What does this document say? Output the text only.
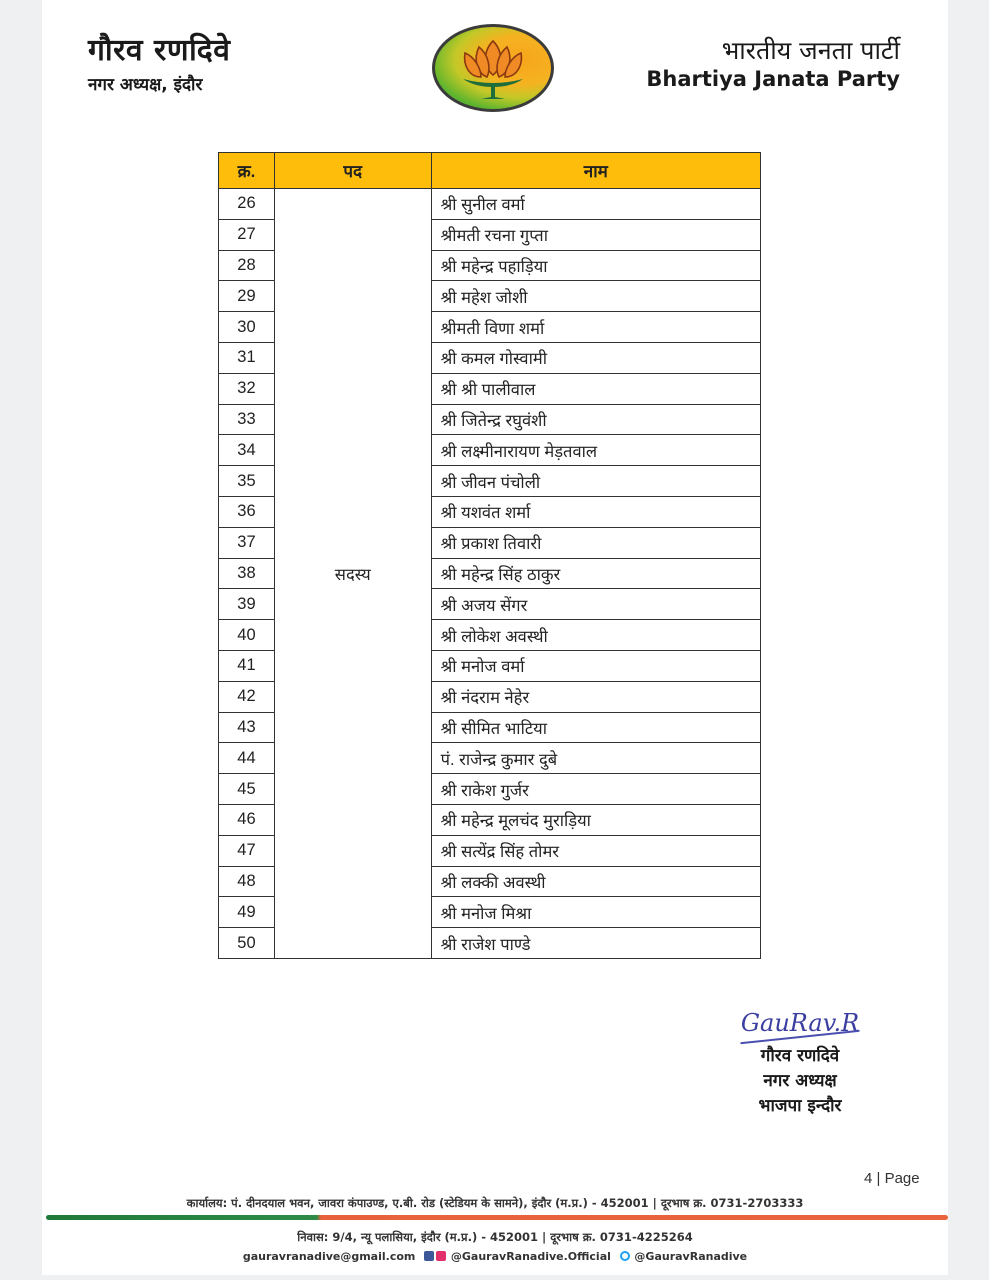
गौरव रणदिवे
नगर अध्यक्ष, इंदौर
भारतीय जनता पार्टी
Bhartiya Janata Party
क्र.	पद	नाम
26	सदस्य	श्री सुनील वर्मा
27		श्रीमती रचना गुप्ता
28		श्री महेन्द्र पहाड़िया
29		श्री महेश जोशी
30		श्रीमती विणा शर्मा
31		श्री कमल गोस्वामी
32		श्री श्री पालीवाल
33		श्री जितेन्द्र रघुवंशी
34		श्री लक्ष्मीनारायण मेड़तवाल
35		श्री जीवन पंचोली
36		श्री यशवंत शर्मा
37		श्री प्रकाश तिवारी
38		श्री महेन्द्र सिंह ठाकुर
39		श्री अजय सेंगर
40		श्री लोकेश अवस्थी
41		श्री मनोज वर्मा
42		श्री नंदराम नेहेर
43		श्री सीमित भाटिया
44		पं. राजेन्द्र कुमार दुबे
45		श्री राकेश गुर्जर
46		श्री महेन्द्र मूलचंद मुराड़िया
47		श्री सत्येंद्र सिंह तोमर
48		श्री लक्की अवस्थी
49		श्री मनोज मिश्रा
50		श्री राजेश पाण्डे
GauRav.R
गौरव रणदिवे
नगर अध्यक्ष
भाजपा इन्दौर
4 | Page
कार्यालय: पं. दीनदयाल भवन, जावरा कंपाउण्ड, ए.बी. रोड (स्टेडियम के सामने), इंदौर (म.प्र.) - 452001 | दूरभाष क्र. 0731-2703333
निवास: 9/4, न्यू पलासिया, इंदौर (म.प्र.) - 452001 | दूरभाष क्र. 0731-4225264
gauravranadive@gmail.com	@GauravRanadive.Official @GauravRanadive
